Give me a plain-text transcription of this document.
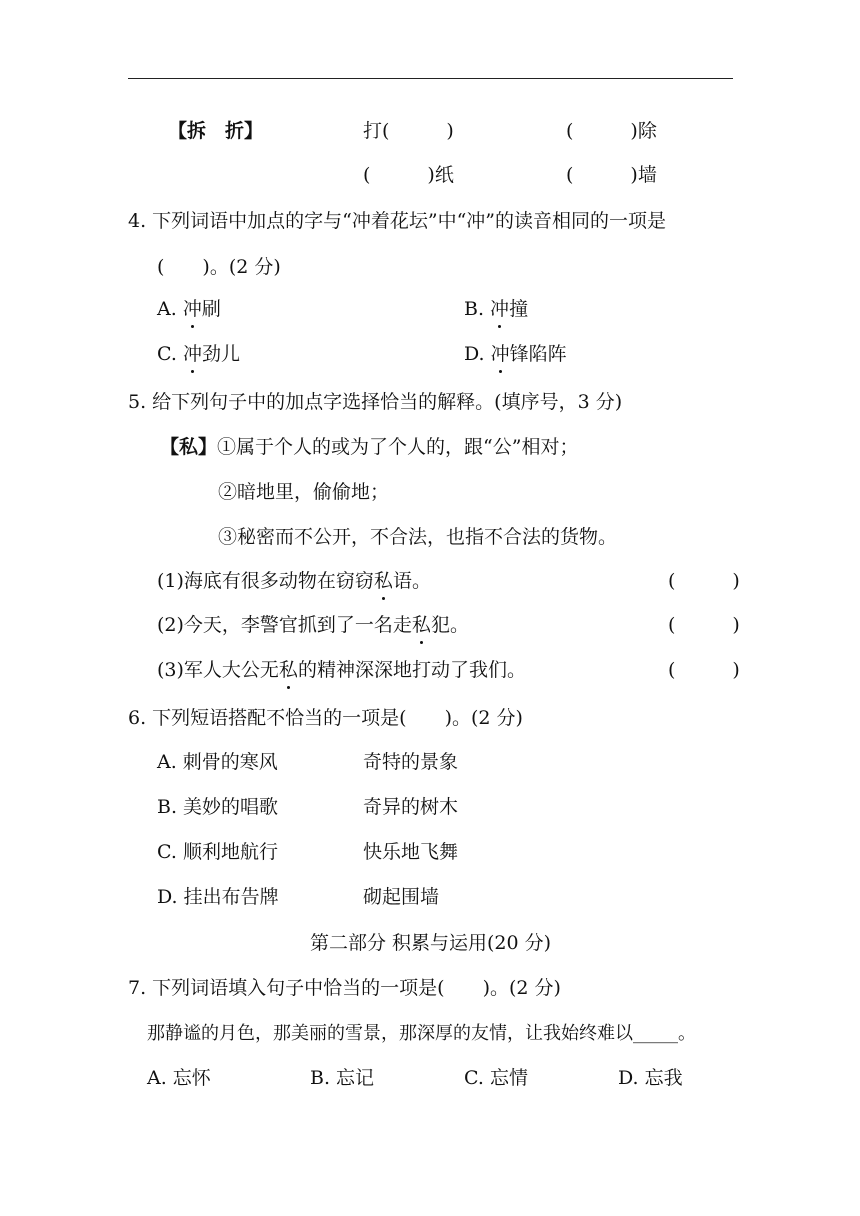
【拆　折】	打(　　　)	(　　　)除
(　　　)纸	(　　　)墙
4. 下列词语中加点的字与“冲着花坛”中“冲”的读音相同的一项是
(　　)。(2 分)
A. 冲刷	B. 冲撞
C. 冲劲儿	D. 冲锋陷阵
5. 给下列句子中的加点字选择恰当的解释。(填序号，3 分)
【私】①属于个人的或为了个人的，跟“公”相对；
②暗地里，偷偷地；
③秘密而不公开，不合法，也指不合法的货物。
(1)海底有很多动物在窃窃私语。	(　　　)
(2)今天，李警官抓到了一名走私犯。	(　　　)
(3)军人大公无私的精神深深地打动了我们。	(　　　)
6. 下列短语搭配不恰当的一项是(　　)。(2 分)
A. 刺骨的寒风	奇特的景象
B. 美妙的唱歌	奇异的树木
C. 顺利地航行	快乐地飞舞
D. 挂出布告牌	砌起围墙
第二部分 积累与运用(20 分)
7. 下列词语填入句子中恰当的一项是(　　)。(2 分)
那静谧的月色，那美丽的雪景，那深厚的友情，让我始终难以_____。
A. 忘怀	B. 忘记	C. 忘情	D. 忘我
